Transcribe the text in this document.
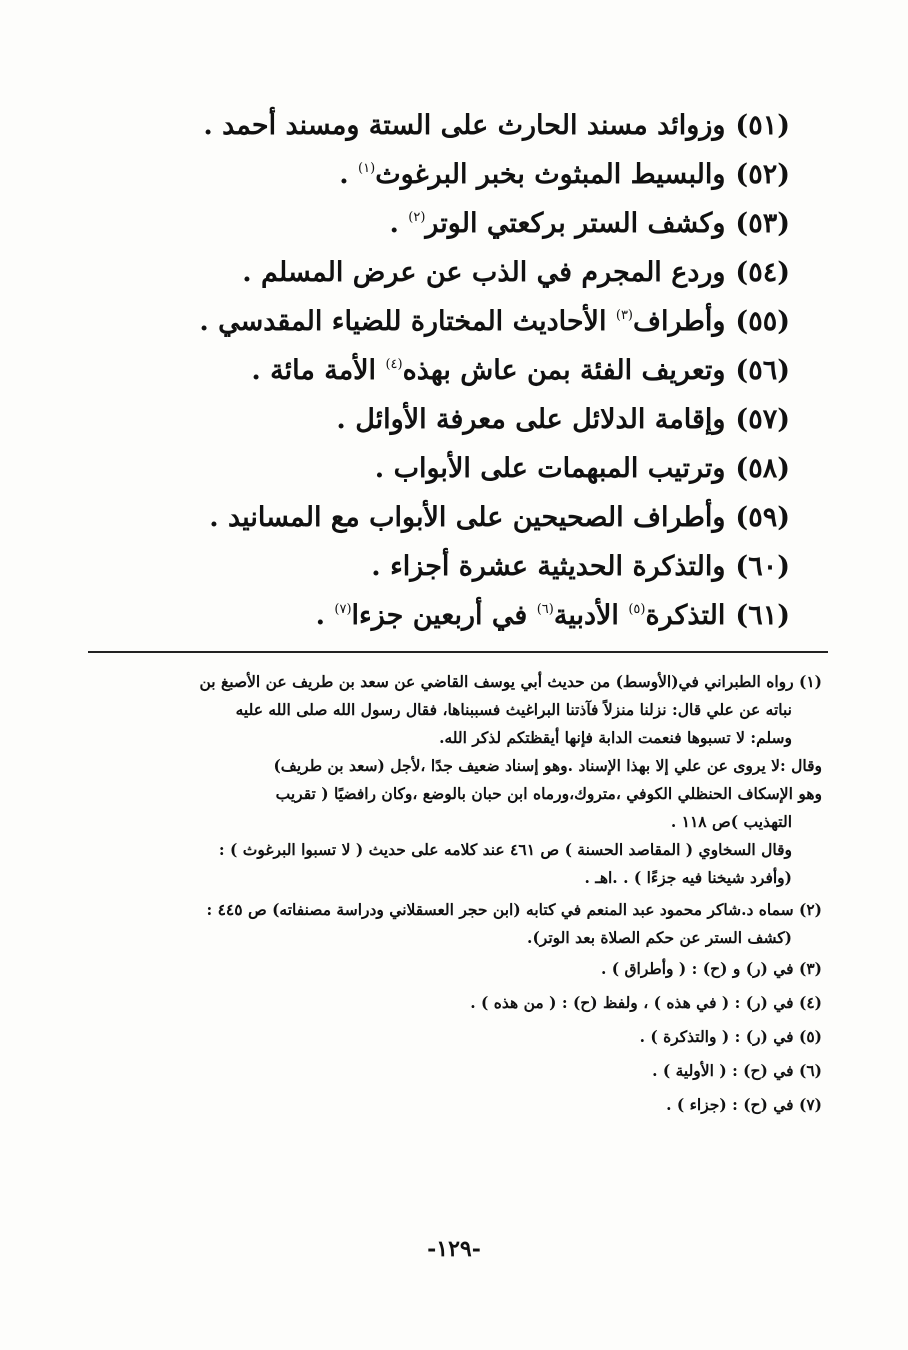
(٥١)وزوائد مسند الحارث على الستة ومسند أحمد .
(٥٢)والبسيط المبثوث بخبر البرغوث$^{(١)}$ .
(٥٣)وكشف الستر بركعتي الوتر$^{(٢)}$ .
(٥٤)وردع المجرم في الذب عن عرض المسلم .
(٥٥)وأطراف$^{(٣)}$ الأحاديث المختارة للضياء المقدسي .
(٥٦)وتعريف الفئة بمن عاش بهذه$^{(٤)}$ الأمة مائة .
(٥٧)وإقامة الدلائل على معرفة الأوائل .
(٥٨)وترتيب المبهمات على الأبواب .
(٥٩)وأطراف الصحيحين على الأبواب مع المسانيد .
(٦٠)والتذكرة الحديثية عشرة أجزاء .
(٦١)التذكرة$^{(٥)}$ الأدبية$^{(٦)}$ في أربعين جزءا$^{(٧)}$ .

(١) رواه الطبراني في(الأوسط) من حديث أبي يوسف القاضي عن سعد بن طريف عن الأصبغ بن

نباته عن علي قال: نزلنا منزلاً فآذتنا البراغيث فسببناها، فقال رسول الله صلى الله عليه

وسلم: لا تسبوها فنعمت الدابة فإنها أيقظتكم لذكر الله.

وقال :لا يروى عن علي إلا بهذا الإسناد .وهو إسناد ضعيف جدًا ،لأجل (سعد بن طريف)

وهو الإسكاف الحنظلي الكوفي ،متروك،ورماه ابن حبان بالوضع ،وكان رافضيًا ( تقريب

التهذيب )ص ١١٨ .

وقال السخاوي ( المقاصد الحسنة ) ص ٤٦١ عند كلامه على حديث ( لا تسبوا البرغوث ) :

(وأفرد شيخنا فيه جزءًا ) . .اهـ .

(٢) سماه د.شاكر محمود عبد المنعم في كتابه (ابن حجر العسقلاني ودراسة مصنفاته) ص ٤٤٥ :

(كشف الستر عن حكم الصلاة بعد الوتر).

(٣) في (ر) و (ح) : ( وأطراق ) .
(٤) في (ر) : ( في هذه ) ، ولفظ (ح) : ( من هذه ) .
(٥) في (ر) : ( والتذكرة ) .
(٦) في (ح) : ( الأولية ) .
(٧) في (ح) : (جزاء ) .
-١٢٩-
